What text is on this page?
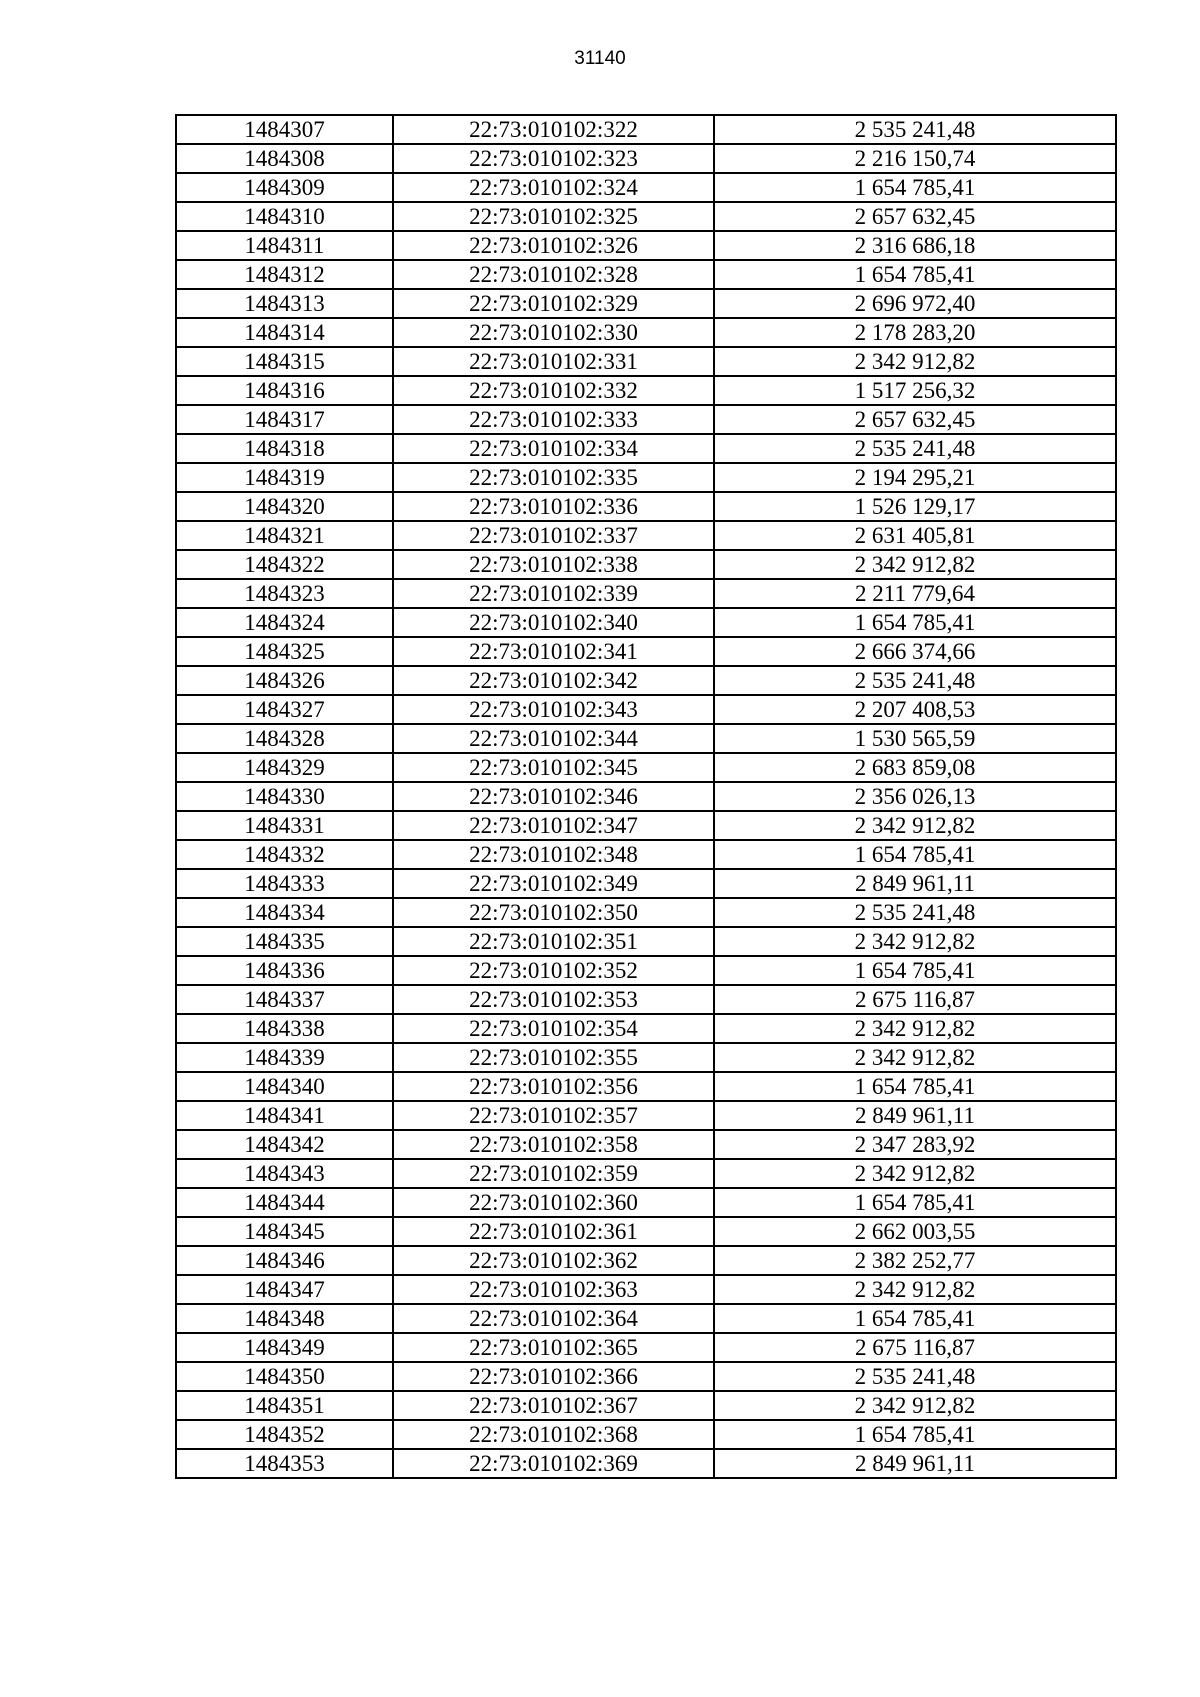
31140
1484307	22:73:010102:322	2 535 241,48
1484308	22:73:010102:323	2 216 150,74
1484309	22:73:010102:324	1 654 785,41
1484310	22:73:010102:325	2 657 632,45
1484311	22:73:010102:326	2 316 686,18
1484312	22:73:010102:328	1 654 785,41
1484313	22:73:010102:329	2 696 972,40
1484314	22:73:010102:330	2 178 283,20
1484315	22:73:010102:331	2 342 912,82
1484316	22:73:010102:332	1 517 256,32
1484317	22:73:010102:333	2 657 632,45
1484318	22:73:010102:334	2 535 241,48
1484319	22:73:010102:335	2 194 295,21
1484320	22:73:010102:336	1 526 129,17
1484321	22:73:010102:337	2 631 405,81
1484322	22:73:010102:338	2 342 912,82
1484323	22:73:010102:339	2 211 779,64
1484324	22:73:010102:340	1 654 785,41
1484325	22:73:010102:341	2 666 374,66
1484326	22:73:010102:342	2 535 241,48
1484327	22:73:010102:343	2 207 408,53
1484328	22:73:010102:344	1 530 565,59
1484329	22:73:010102:345	2 683 859,08
1484330	22:73:010102:346	2 356 026,13
1484331	22:73:010102:347	2 342 912,82
1484332	22:73:010102:348	1 654 785,41
1484333	22:73:010102:349	2 849 961,11
1484334	22:73:010102:350	2 535 241,48
1484335	22:73:010102:351	2 342 912,82
1484336	22:73:010102:352	1 654 785,41
1484337	22:73:010102:353	2 675 116,87
1484338	22:73:010102:354	2 342 912,82
1484339	22:73:010102:355	2 342 912,82
1484340	22:73:010102:356	1 654 785,41
1484341	22:73:010102:357	2 849 961,11
1484342	22:73:010102:358	2 347 283,92
1484343	22:73:010102:359	2 342 912,82
1484344	22:73:010102:360	1 654 785,41
1484345	22:73:010102:361	2 662 003,55
1484346	22:73:010102:362	2 382 252,77
1484347	22:73:010102:363	2 342 912,82
1484348	22:73:010102:364	1 654 785,41
1484349	22:73:010102:365	2 675 116,87
1484350	22:73:010102:366	2 535 241,48
1484351	22:73:010102:367	2 342 912,82
1484352	22:73:010102:368	1 654 785,41
1484353	22:73:010102:369	2 849 961,11
